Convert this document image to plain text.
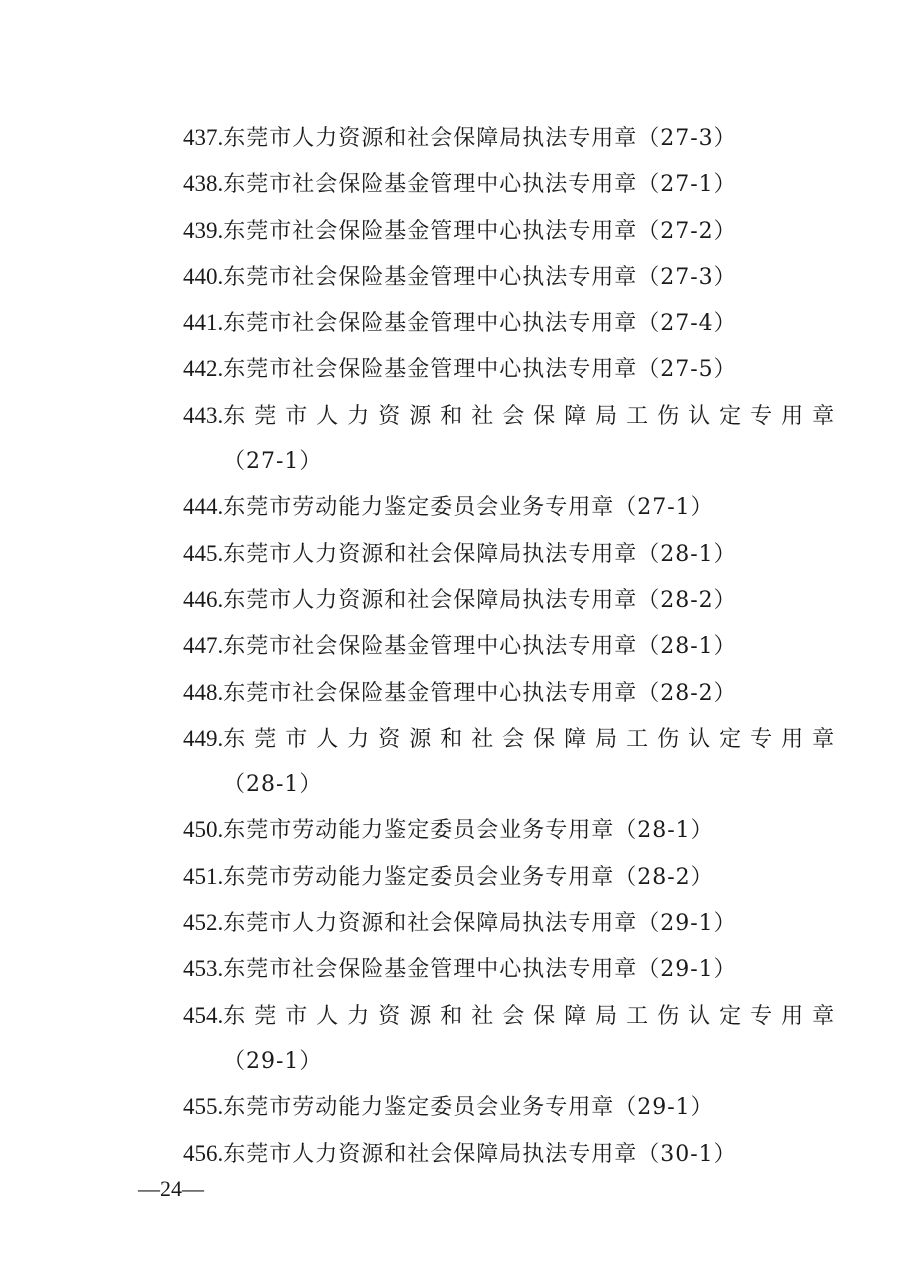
437. 东莞市人力资源和社会保障局执法专用章（27-3）
438. 东莞市社会保险基金管理中心执法专用章（27-1）
439. 东莞市社会保险基金管理中心执法专用章（27-2）
440. 东莞市社会保险基金管理中心执法专用章（27-3）
441. 东莞市社会保险基金管理中心执法专用章（27-4）
442. 东莞市社会保险基金管理中心执法专用章（27-5）
443. 东 莞 市 人 力 资 源 和 社 会 保 障 局 工 伤 认 定 专 用 章
（27-1）
444. 东莞市劳动能力鉴定委员会业务专用章（27-1）
445. 东莞市人力资源和社会保障局执法专用章（28-1）
446. 东莞市人力资源和社会保障局执法专用章（28-2）
447. 东莞市社会保险基金管理中心执法专用章（28-1）
448. 东莞市社会保险基金管理中心执法专用章（28-2）
449. 东 莞 市 人 力 资 源 和 社 会 保 障 局 工 伤 认 定 专 用 章
（28-1）
450. 东莞市劳动能力鉴定委员会业务专用章（28-1）
451. 东莞市劳动能力鉴定委员会业务专用章（28-2）
452. 东莞市人力资源和社会保障局执法专用章（29-1）
453. 东莞市社会保险基金管理中心执法专用章（29-1）
454. 东 莞 市 人 力 资 源 和 社 会 保 障 局 工 伤 认 定 专 用 章
（29-1）
455. 东莞市劳动能力鉴定委员会业务专用章（29-1）
456. 东莞市人力资源和社会保障局执法专用章（30-1）
—24—
